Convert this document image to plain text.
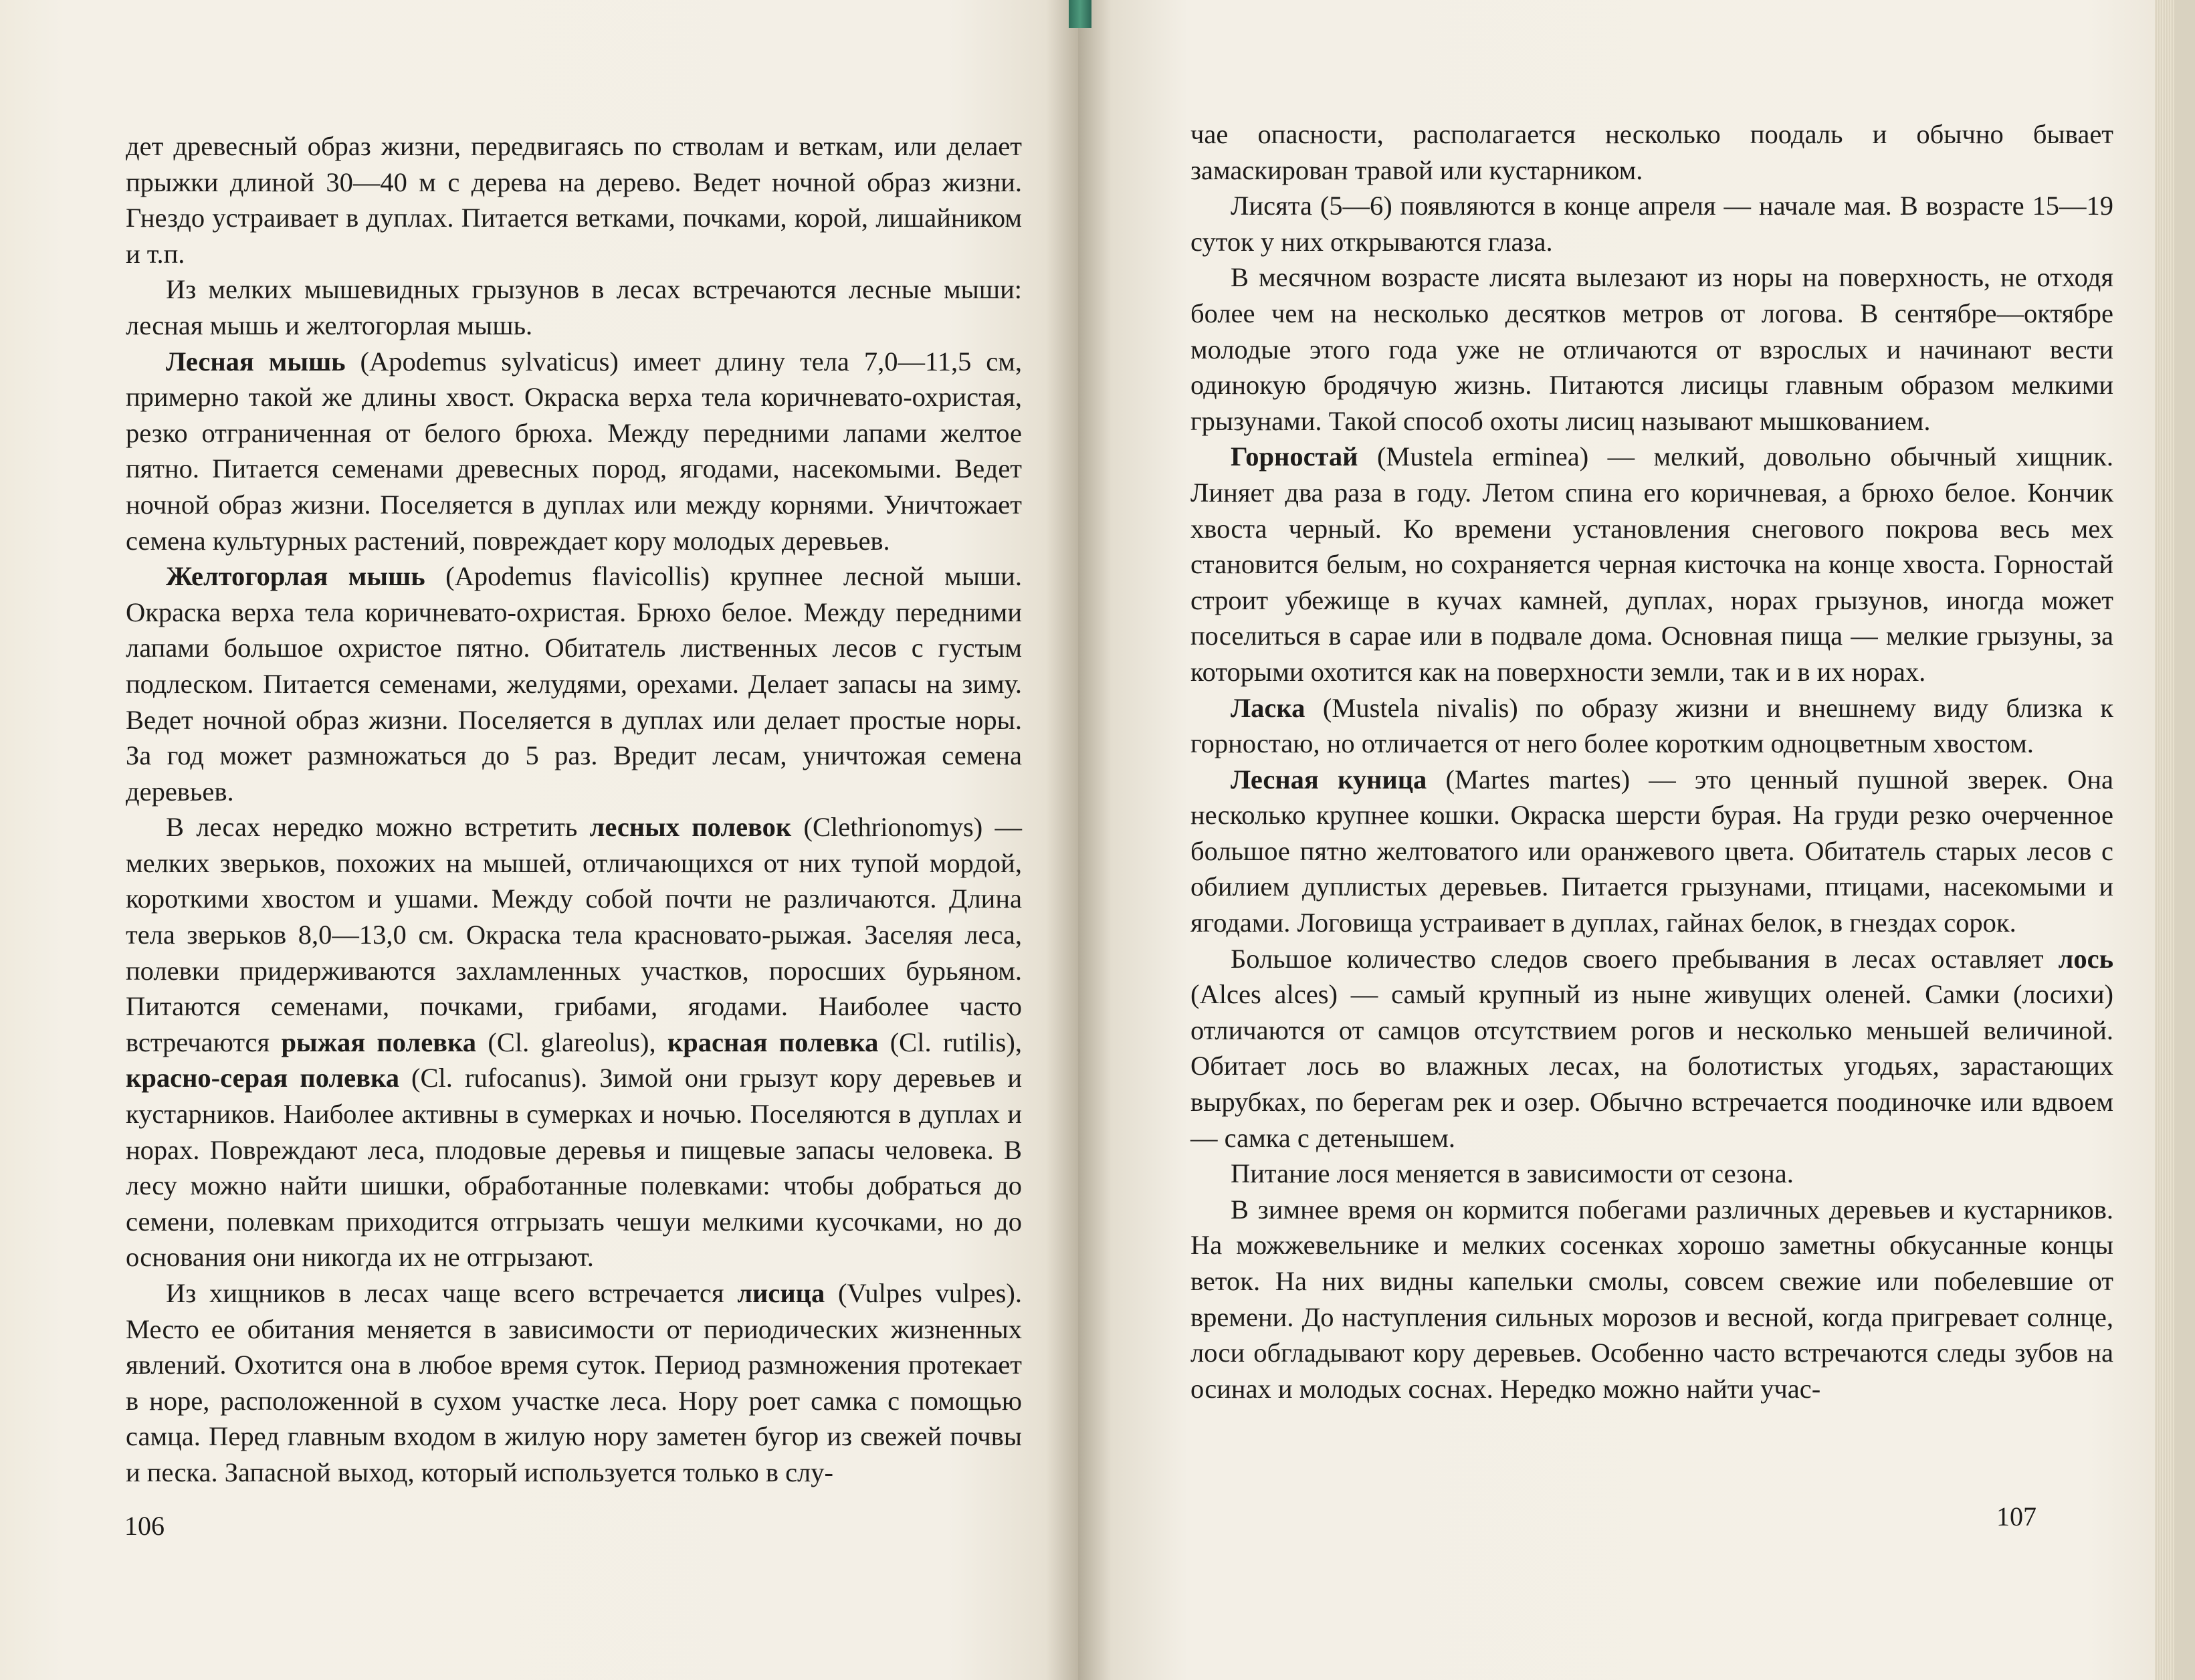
дет древесный образ жизни, передвигаясь по стволам и веткам, или делает прыжки длиной 30—40 м с дерева на дерево. Ведет ночной образ жизни. Гнездо устраивает в дуплах. Питается ветками, почками, корой, лишайником и т.п.

Из мелких мышевидных грызунов в лесах встречаются лесные мыши: лесная мышь и желтогорлая мышь.

Лесная мышь (Apodemus sylvaticus) имеет длину тела 7,0—11,5 см, примерно такой же длины хвост. Окраска верха тела коричневато-охристая, резко отграниченная от белого брюха. Между передними лапами желтое пятно. Питается семенами древесных пород, ягодами, насекомыми. Ведет ночной образ жизни. Поселяется в дуплах или между корнями. Уничтожает семена культурных растений, повреждает кору молодых деревьев.

Желтогорлая мышь (Apodemus flavicollis) крупнее лесной мыши. Окраска верха тела коричневато-охристая. Брюхо белое. Между передними лапами большое охристое пятно. Обитатель лиственных лесов с густым подлеском. Питается семенами, желудями, орехами. Делает запасы на зиму. Ведет ночной образ жизни. Поселяется в дуплах или делает простые норы. За год может размножаться до 5 раз. Вредит лесам, уничтожая семена деревьев.

В лесах нередко можно встретить лесных полевок (Clethrionomys) — мелких зверьков, похожих на мышей, отличающихся от них тупой мордой, короткими хвостом и ушами. Между собой почти не различаются. Длина тела зверьков 8,0—13,0 см. Окраска тела красновато-рыжая. Заселяя леса, полевки придерживаются захламленных участков, поросших бурьяном. Питаются семенами, почками, грибами, ягодами. Наиболее часто встречаются рыжая полевка (Cl. glareolus), красная полевка (Cl. rutilis), красно-серая полевка (Cl. rufocanus). Зимой они грызут кору деревьев и кустарников. Наиболее активны в сумерках и ночью. Поселяются в дуплах и норах. Повреждают леса, плодовые деревья и пищевые запасы человека. В лесу можно найти шишки, обработанные полевками: чтобы добраться до семени, полевкам приходится отгрызать чешуи мелкими кусочками, но до основания они никогда их не отгрызают.

Из хищников в лесах чаще всего встречается лисица (Vulpes vulpes). Место ее обитания меняется в зависимости от периодических жизненных явлений. Охотится она в любое время суток. Период размножения протекает в норе, расположенной в сухом участке леса. Нору роет самка с помощью самца. Перед главным входом в жилую нору заметен бугор из свежей почвы и песка. Запасной выход, который используется только в слу-

106

чае опасности, располагается несколько поодаль и обычно бывает замаскирован травой или кустарником.

Лисята (5—6) появляются в конце апреля — начале мая. В возрасте 15—19 суток у них открываются глаза.

В месячном возрасте лисята вылезают из норы на поверхность, не отходя более чем на несколько десятков метров от логова. В сентябре—октябре молодые этого года уже не отличаются от взрослых и начинают вести одинокую бродячую жизнь. Питаются лисицы главным образом мелкими грызунами. Такой способ охоты лисиц называют мышкованием.

Горностай (Mustela erminea) — мелкий, довольно обычный хищник. Линяет два раза в году. Летом спина его коричневая, а брюхо белое. Кончик хвоста черный. Ко времени установления снегового покрова весь мех становится белым, но сохраняется черная кисточка на конце хвоста. Горностай строит убежище в кучах камней, дуплах, норах грызунов, иногда может поселиться в сарае или в подвале дома. Основная пища — мелкие грызуны, за которыми охотится как на поверхности земли, так и в их норах.

Ласка (Mustela nivalis) по образу жизни и внешнему виду близка к горностаю, но отличается от него более коротким одноцветным хвостом.

Лесная куница (Martes martes) — это ценный пушной зверек. Она несколько крупнее кошки. Окраска шерсти бурая. На груди резко очерченное большое пятно желтоватого или оранжевого цвета. Обитатель старых лесов с обилием дуплистых деревьев. Питается грызунами, птицами, насекомыми и ягодами. Логовища устраивает в дуплах, гайнах белок, в гнездах сорок.

Большое количество следов своего пребывания в лесах оставляет лось (Alces alces) — самый крупный из ныне живущих оленей. Самки (лосихи) отличаются от самцов отсутствием рогов и несколько меньшей величиной. Обитает лось во влажных лесах, на болотистых угодьях, зарастающих вырубках, по берегам рек и озер. Обычно встречается поодиночке или вдвоем — самка с детенышем.

Питание лося меняется в зависимости от сезона.

В зимнее время он кормится побегами различных деревьев и кустарников. На можжевельнике и мелких сосенках хорошо заметны обкусанные концы веток. На них видны капельки смолы, совсем свежие или побелевшие от времени. До наступления сильных морозов и весной, когда пригревает солнце, лоси обгладывают кору деревьев. Особенно часто встречаются следы зубов на осинах и молодых соснах. Нередко можно найти учас-

107
